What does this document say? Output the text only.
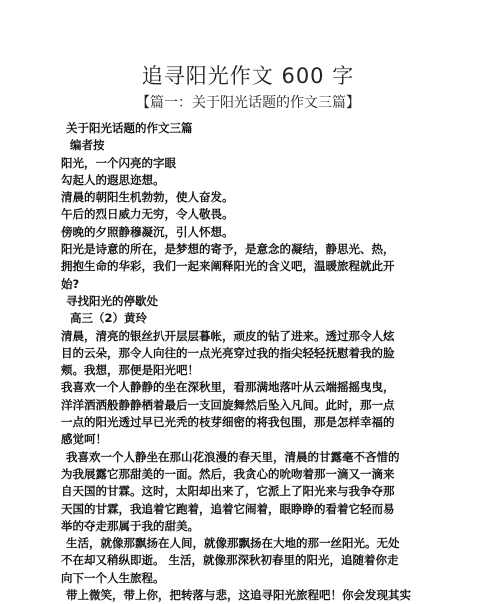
追寻阳光作文 600 字
【篇一：关于阳光话题的作文三篇】
关于阳光话题的作文三篇
编者按
阳光，一个闪亮的字眼
勾起人的遐思迩想。
清晨的朝阳生机勃勃，使人奋发。
午后的烈日威力无穷，令人敬畏。
傍晚的夕照静穆凝沉，引人怀想。
阳光是诗意的所在，是梦想的寄予，是意念的凝结，静思光、热，
拥抱生命的华彩，我们一起来阐释阳光的含义吧，温暖旅程就此开
始?
寻找阳光的停歇处
高三（2）黄玲
清晨，清亮的银丝扒开层层暮帐，顽皮的钻了进来。透过那令人炫
目的云朵，那令人向往的一点光亮穿过我的指尖轻轻抚慰着我的脸
颊。我想，那便是阳光吧！
我喜欢一个人静静的坐在深秋里，看那满地落叶从云端摇摇曳曳，
洋洋洒洒般静静栖着最后一支回旋舞然后坠入凡间。此时，那一点
一点的阳光透过早已光秃的枝芽细密的将我包围，那是怎样幸福的
感觉呵！
我喜欢一个人静坐在那山花浪漫的春天里，清晨的甘露毫不吝惜的
为我展露它那甜美的一面。然后，我贪心的吮吻着那一滴又一滴来
自天国的甘霖。这时，太阳却出来了，它派上了阳光来与我争夺那
天国的甘霖，我追着它跑着，追着它闹着，眼睁睁的看着它轻而易
举的夺走那属于我的甜美。
生活，就像那飘扬在人间，就像那飘扬在大地的那一丝阳光。无处
不在却又稍纵即逝。 生活，就像那深秋初春里的阳光，追随着你走
向下一个人生旅程。
带上微笑，带上你，把转落与悲，这追寻阳光旅程吧！你会发现其实
